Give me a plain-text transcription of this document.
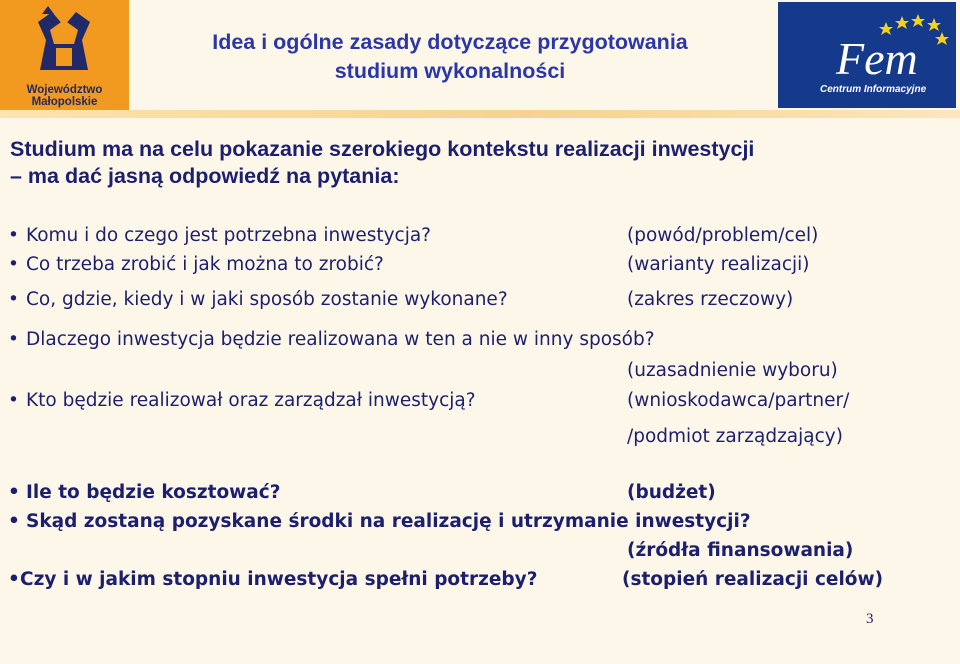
Województwo
Małopolskie
Idea i ogólne zasady dotyczące przygotowania
studium wykonalności	Fem
Centrum Informacyjne
Studium ma na celu pokazanie szerokiego kontekstu realizacji inwestycji
– ma dać jasną odpowiedź na pytania:
• Komu i do czego jest potrzebna inwestycja?	(powód/problem/cel)
• Co trzeba zrobić i jak można to zrobić?	(warianty realizacji)
• Co, gdzie, kiedy i w jaki sposób zostanie wykonane?	(zakres rzeczowy)
• Dlaczego inwestycja będzie realizowana w ten a nie w inny sposób?
(uzasadnienie wyboru)
• Kto będzie realizował oraz zarządzał inwestycją?	(wnioskodawca/partner/
/podmiot zarządzający)
• Ile to będzie kosztować?	(budżet)
• Skąd zostaną pozyskane środki na realizację i utrzymanie inwestycji?
(źródła finansowania)
•Czy i w jakim stopniu inwestycja spełni potrzeby?	(stopień realizacji celów)
3
